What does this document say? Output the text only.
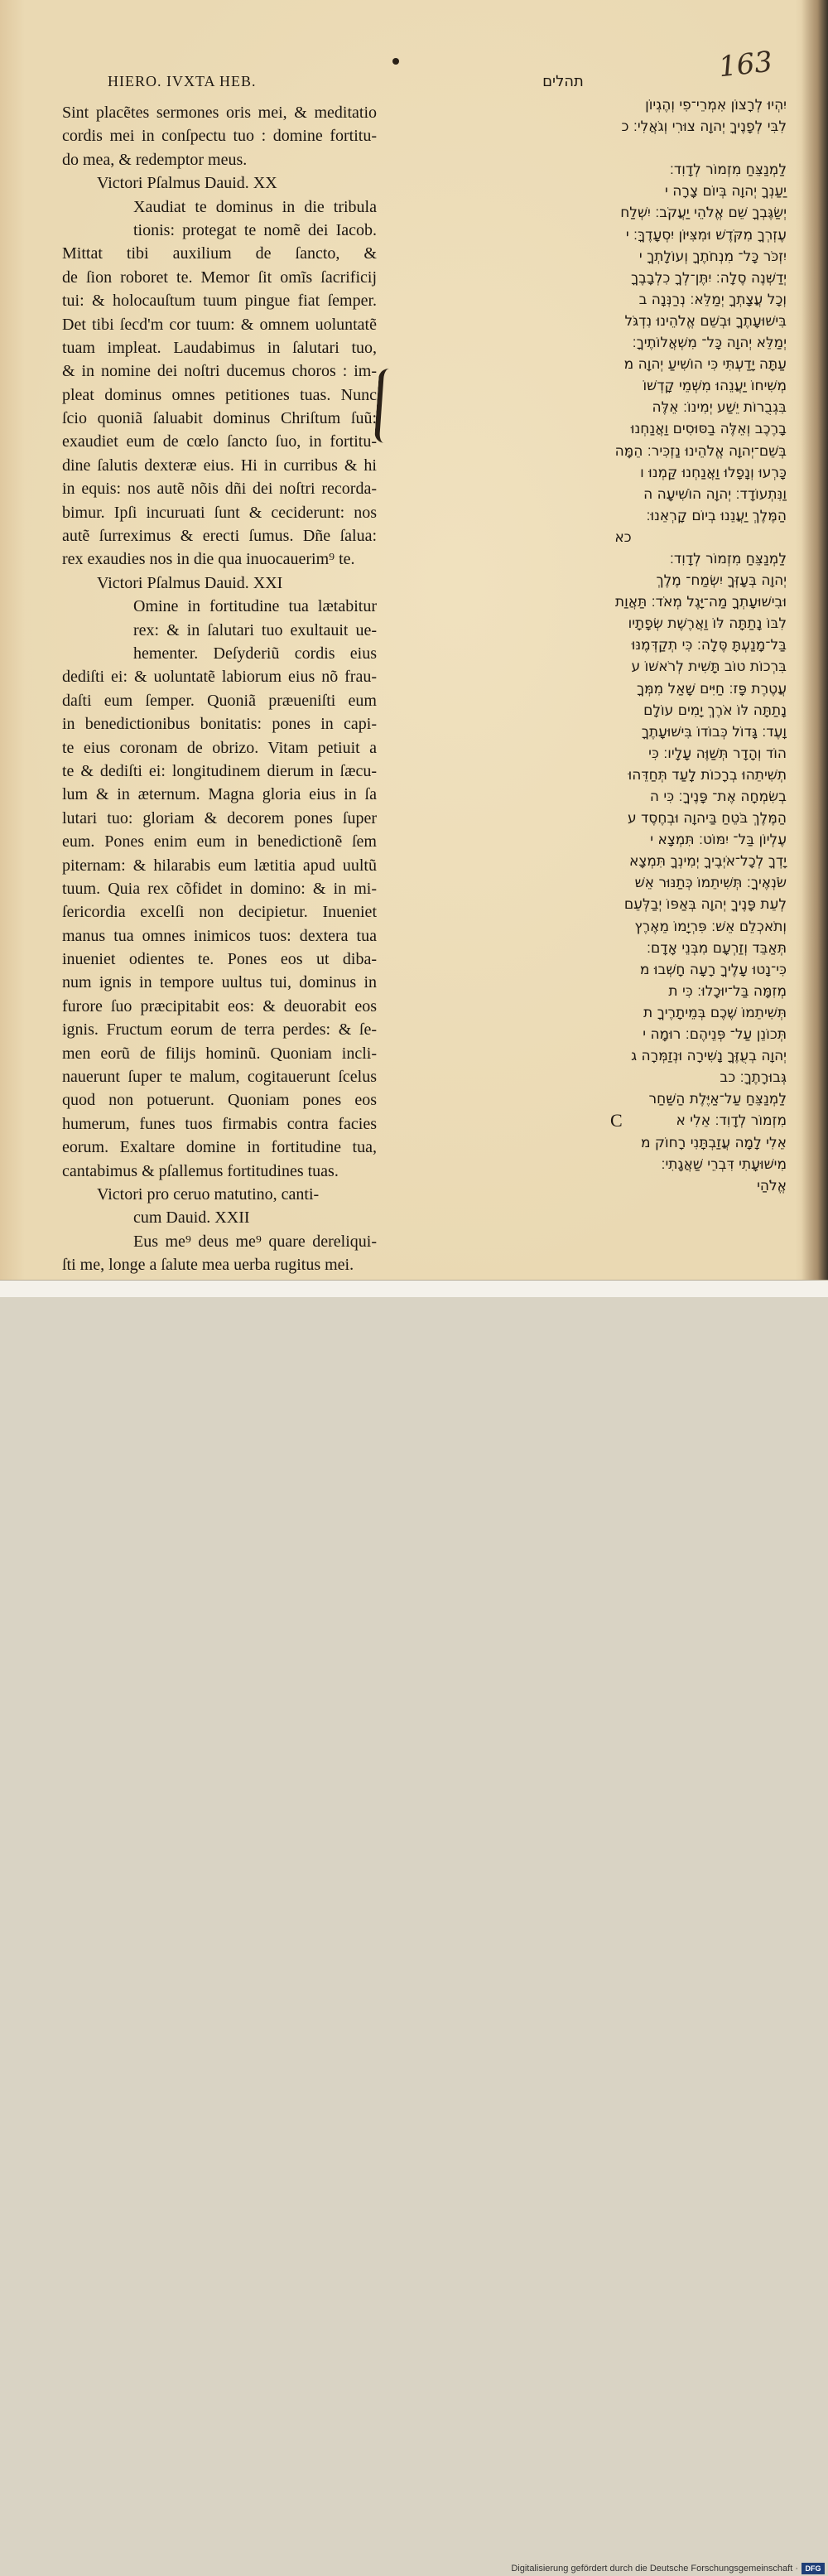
163
HIERO. IVXTA HEB.	תהלים
Sint placẽtes sermones oris mei, & meditatio
cordis mei in conſpectu tuo : domine fortitu-
do mea, & redemptor meus.
Victori Pſalmus Dauid. XX
Xaudiat te dominus in die tribula
tionis: protegat te nomẽ dei Iacob.
Mittat tibi auxilium de ſancto, &
de ſion roboret te. Memor ſit omĩs ſacrificij
tui: & holocauſtum tuum pingue fiat ſemper.
Det tibi ſecd'm cor tuum: & omnem uoluntatẽ
tuam impleat. Laudabimus in ſalutari tuo,
& in nomine dei noſtri ducemus choros : im-
pleat dominus omnes petitiones tuas. Nunc
ſcio quoniã ſaluabit dominus Chriſtum ſuũ:
exaudiet eum de cœlo ſancto ſuo, in fortitu-
dine ſalutis dexteræ eius. Hi in curribus & hi
in equis: nos autẽ nõis dñi dei noſtri recorda-
bimur. Ipſi incuruati ſunt & ceciderunt: nos
autẽ ſurreximus & erecti ſumus. Dñe ſalua:
rex exaudies nos in die qua inuocauerim⁹ te.
Victori Pſalmus Dauid. XXI
Omine in fortitudine tua lætabitur
rex: & in ſalutari tuo exultauit ue-
hementer. Deſyderiũ cordis eius
dediſti ei: & uoluntatẽ labiorum eius nõ frau-
daſti eum ſemper. Quoniã præueniſti eum
in benedictionibus bonitatis: pones in capi-
te eius coronam de obrizo. Vitam petiuit a
te & dediſti ei: longitudinem dierum in ſæcu-
lum & in æternum. Magna gloria eius in ſa
lutari tuo: gloriam & decorem pones ſuper
eum. Pones enim eum in benedictionẽ ſem
piternam: & hilarabis eum lætitia apud uultũ
tuum. Quia rex cõfidet in domino: & in mi-
ſericordia excelſi non decipietur. Inueniet
manus tua omnes inimicos tuos: dextera tua
inueniet odientes te. Pones eos ut diba-
num ignis in tempore uultus tui, dominus in
furore ſuo præcipitabit eos: & deuorabit eos
ignis. Fructum eorum de terra perdes: & ſe-
men eorũ de filijs hominũ. Quoniam incli-
nauerunt ſuper te malum, cogitauerunt ſcelus
quod non potuerunt. Quoniam pones eos
humerum, funes tuos firmabis contra facies
eorum. Exaltare domine in fortitudine tua,
cantabimus & pſallemus fortitudines tuas.
Victori pro ceruo matutino, canti-
cum Dauid. XXII
Eus me⁹ deus me⁹ quare dereliqui-
ſti me, longe a ſalute mea uerba rugitus mei.
יִהְיוּ לְרָצוֹן אִמְרֵי־פִי וְהֶגְיוֹן
לִבִּי לְפָנֶיךָ יְהוָה צוּרִי וְגֹאֲלִי׃ כ
לַמְנַצֵּחַ מִזְמוֹר לְדָוִד׃
יַעַנְךָ יְהוָה בְּיוֹם צָרָה י
יְשַׂגֶּבְךָ שֵׁם אֱלֹהֵי יַעֲקֹב׃ יִשְׁלַח
עֶזְרְךָ מִקֹּדֶשׁ וּמִצִּיּוֹן יִסְעָדֶךָּ׃ י
יִזְכֹּר כָּל־ מִנְחֹתֶךָ וְעוֹלָתְךָ י
יְדַשְּׁנֶה סֶלָה׃ יִתֶּן־לְךָ כִלְבָבֶךָ
וְכָל עֲצָתְךָ יְמַלֵּא׃ נְרַנְּנָה ב
בִּישׁוּעָתֶךָ וּבְשֵׁם אֱלֹהֵינוּ נִדְגֹּל
יְמַלֵּא יְהוָה כָּל־ מִשְׁאֲלוֹתֶיךָ׃
עַתָּה יָדַעְתִּי כִּי הוֹשִׁיעַ יְהוָה מ
מְשִׁיחוֹ יַעֲנֵהוּ מִשְּׁמֵי קָדְשׁוֹ
בִּגְבֻרוֹת יֵשַׁע יְמִינוֹ׃ אֵלֶּה
בָרֶכֶב וְאֵלֶּה בַסּוּסִים וַאֲנַחְנוּ
בְּשֵׁם־יְהוָה אֱלֹהֵינוּ נַזְכִּיר׃ הֵמָּה
כָּרְעוּ וְנָפָלוּ וַאֲנַחְנוּ קַּמְנוּ ו
וַנִּתְעוֹדָד׃ יְהוָה הוֹשִׁיעָה ה
הַמֶּלֶךְ יַעֲנֵנוּ בְיוֹם קָרְאֵנוּ׃
כא
לַמְנַצֵּחַ מִזְמוֹר לְדָוִד׃
יְהוָה בְּעָזְּךָ יִשְׂמַח־ מֶלֶךְ
וּבִישׁוּעָתְךָ מַה־יָּגֶל מְאֹד׃ תַּאֲוַת
לִבּוֹ נָתַתָּה לּוֹ וַאֲרֶשֶׁת שְׂפָתָיו
בַּל־מָנַעְתָּ סֶּלָה׃ כִּי תְקַדְּמֶנּוּ
בִּרְכוֹת טוֹב תָּשִׁית לְרֹאשׁוֹ ע
עֲטֶרֶת פָּז׃ חַיִּים שָׁאַל מִמְּךָ
נָתַתָּה לּוֹ אֹרֶךְ יָמִים עוֹלָם
וָעֶד׃ גָּדוֹל כְּבוֹדוֹ בִּישׁוּעָתֶךָ
הוֹד וְהָדָר תְּשַׁוֶּה עָלָיו׃ כִּי
תְשִׁיתֵהוּ בְרָכוֹת לָעַד תְּחַדֵּהוּ
בְשִׂמְחָה אֶת־ פָּנֶיךָ׃ כִּי ה
הַמֶּלֶךְ בֹּטֵחַ בַּיהוָה וּבְחֶסֶד ע
עֶלְיוֹן בַּל־ יִמּוֹט׃ תִּמְצָא י
יָדְךָ לְכָל־אֹיְבֶיךָ יְמִינְךָ תִּמְצָא
שֹׂנְאֶיךָ׃ תְּשִׁיתֵמוֹ כְּתַנּוּר אֵשׁ
לְעֵת פָּנֶיךָ יְהוָה בְּאַפּוֹ יְבַלְּעֵם
וְתֹאכְלֵם אֵשׁ׃ פִּרְיָמוֹ מֵאֶרֶץ
תְּאַבֵּד וְזַרְעָם מִבְּנֵי אָדָם׃
כִּי־נָטוּ עָלֶיךָ רָעָה חָשְׁבוּ מ
מְזִמָּה בַּל־יוּכָלוּ׃ כִּי ת
תְּשִׁיתֵמוֹ שֶׁכֶם בְּמֵיתָרֶיךָ ת
תְּכוֹנֵן עַל־ פְּנֵיהֶם׃ רוּמָה י
יְהוָה בְעֻזֶּךָ נָשִׁירָה וּנְזַמְּרָה ג
גְּבוּרָתֶךָ׃ כב
לַמְנַצֵּחַ עַל־אַיֶּלֶת הַשַּׁחַר
מִזְמוֹר לְדָוִד׃ אֵלִי א
אֵלִי לָמָה עֲזַבְתָּנִי רָחוֹק מ
מִישׁוּעָתִי דִּבְרֵי שַׁאֲגָתִי׃
אֱלֹהַי
C
Digitalisierung gefördert durch die Deutsche Forschungsgemeinschaft · DFG
